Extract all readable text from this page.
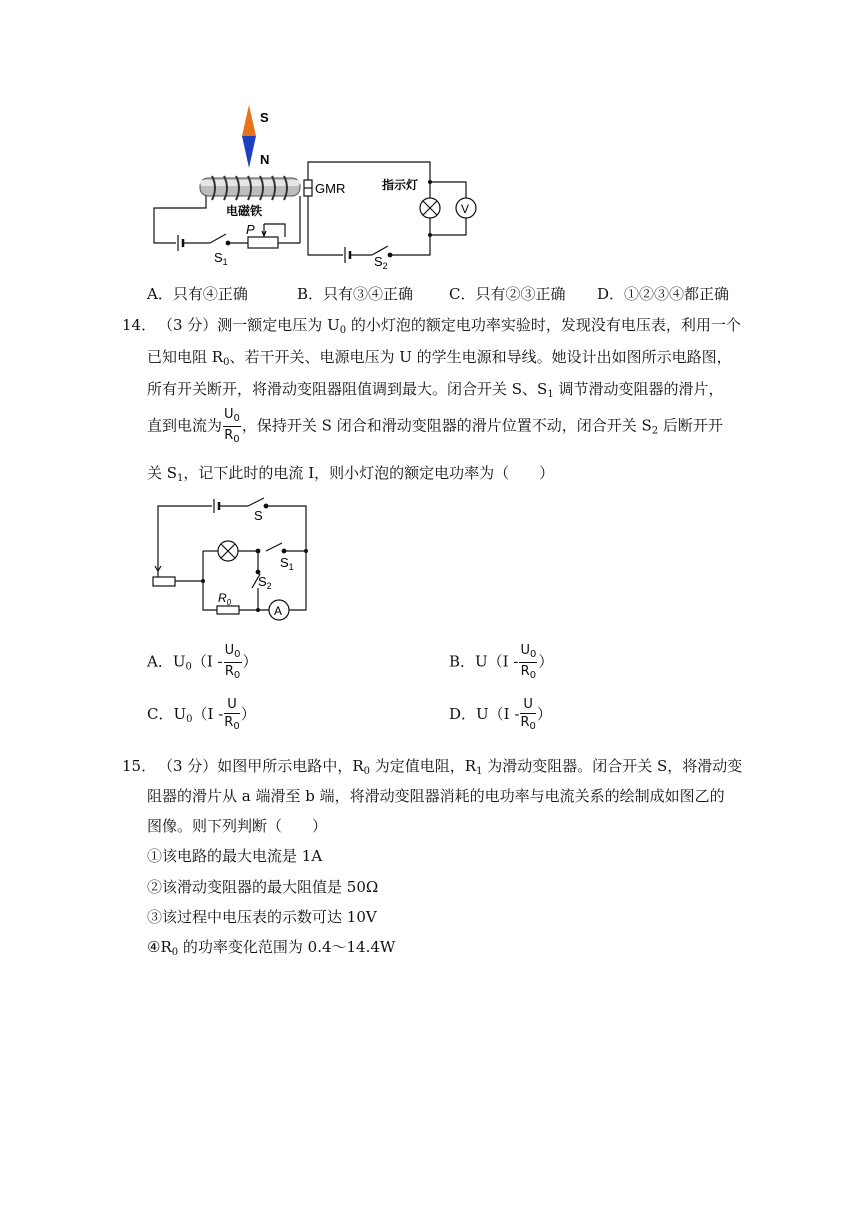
S
N
电磁铁
P
$S_1$
GMR	指示灯
V
$S_2$
A．只有④正确	B．只有③④正确 C．只有②③正确 D．①②③④都正确
14． （3 分）测一额定电压为 $U_0$ 的小灯泡的额定电功率实验时，发现没有电压表，利用一个
已知电阻 $R_0$、若干开关、电源电压为 U 的学生电源和导线。她设计出如图所示电路图，
所有开关断开，将滑动变阻器阻值调到最大。闭合开关 S、$S_1$ 调节滑动变阻器的滑片，
直到电流为 $\frac{U_0}{R_0}$ ，保持开关 S 闭合和滑动变阻器的滑片位置不动，闭合开关 $S_2$ 后断开开
关 $S_1$，记下此时的电流 I，则小灯泡的额定电功率为（　　）
S
$S_1$
$S_2$
$R_0$
A
A．$U_0(I - \frac{U_0}{R_0}$ ）	B．$U(I - \frac{U_0}{R_0}$ ）
C．$U_0(I - \frac{U}{R_0}$ ）	D．$U(I - \frac{U}{R_0}$ ）
15． （3 分）如图甲所示电路中，$R_0$ 为定值电阻，$R_1$ 为滑动变阻器。闭合开关 S，将滑动变
阻器的滑片从 a 端滑至 b 端，将滑动变阻器消耗的电功率与电流关系的绘制成如图乙的
图像。则下列判断（　　）
①该电路的最大电流是 1A
②该滑动变阻器的最大阻值是 50Ω
③该过程中电压表的示数可达 10V
$④R_0$ 的功率变化范围为 0.4～14.4W
